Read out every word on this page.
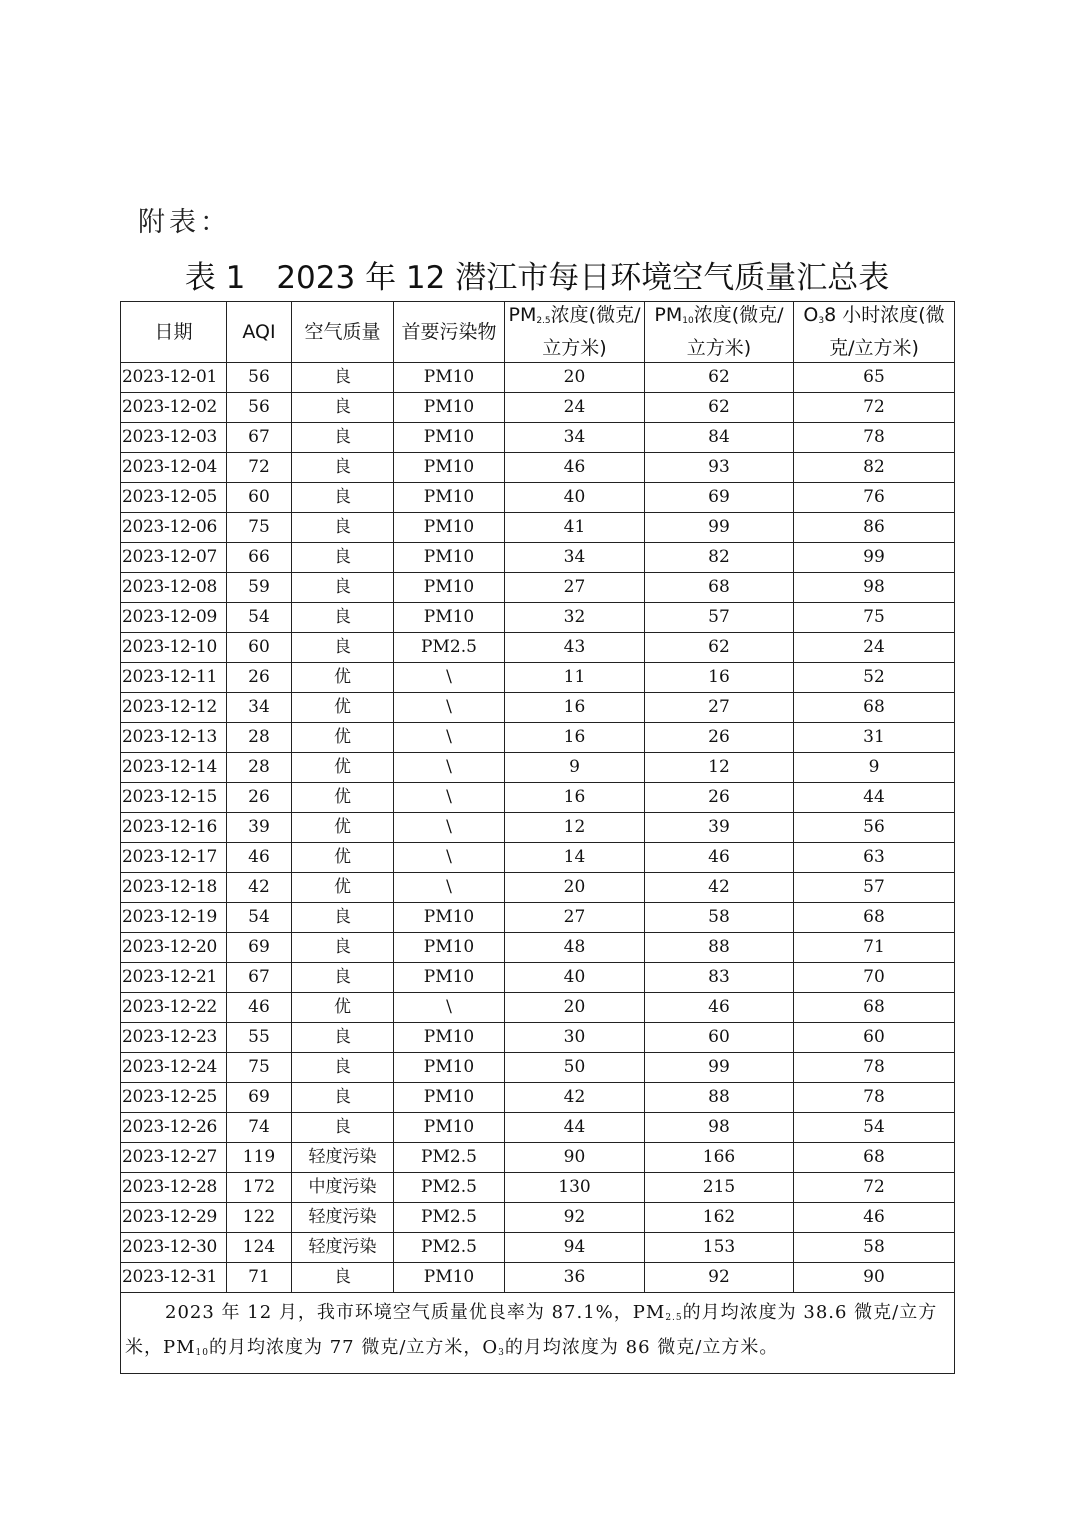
附表：
表 1　2023 年 12 潜江市每日环境空气质量汇总表
日期	AQI	空气质量	首要污染物	$PM_{2.5}$浓度(微克/立方米)	$PM_{10}$浓度(微克/立方米)	$O_38$ 小时浓度(微克/立方米)
2023-12-01	56	良	PM10	20	62	65
2023-12-02	56	良	PM10	24	62	72
2023-12-03	67	良	PM10	34	84	78
2023-12-04	72	良	PM10	46	93	82
2023-12-05	60	良	PM10	40	69	76
2023-12-06	75	良	PM10	41	99	86
2023-12-07	66	良	PM10	34	82	99
2023-12-08	59	良	PM10	27	68	98
2023-12-09	54	良	PM10	32	57	75
2023-12-10	60	良	PM2.5	43	62	24
2023-12-11	26	优	\	11	16	52
2023-12-12	34	优	\	16	27	68
2023-12-13	28	优	\	16	26	31
2023-12-14	28	优	\	9	12	9
2023-12-15	26	优	\	16	26	44
2023-12-16	39	优	\	12	39	56
2023-12-17	46	优	\	14	46	63
2023-12-18	42	优	\	20	42	57
2023-12-19	54	良	PM10	27	58	68
2023-12-20	69	良	PM10	48	88	71
2023-12-21	67	良	PM10	40	83	70
2023-12-22	46	优	\	20	46	68
2023-12-23	55	良	PM10	30	60	60
2023-12-24	75	良	PM10	50	99	78
2023-12-25	69	良	PM10	42	88	78
2023-12-26	74	良	PM10	44	98	54
2023-12-27	119	轻度污染	PM2.5	90	166	68
2023-12-28	172	中度污染	PM2.5	130	215	72
2023-12-29	122	轻度污染	PM2.5	92	162	46
2023-12-30	124	轻度污染	PM2.5	94	153	58
2023-12-31	71	良	PM10	36	92	90
2023 年 12 月，我市环境空气质量优良率为 87.1%，$PM_{2.5}$的月均浓度为 38.6 微克/立方米，$PM_{10}$的月均浓度为 77 微克/立方米，$O_3$的月均浓度为 86 微克/立方米。						
